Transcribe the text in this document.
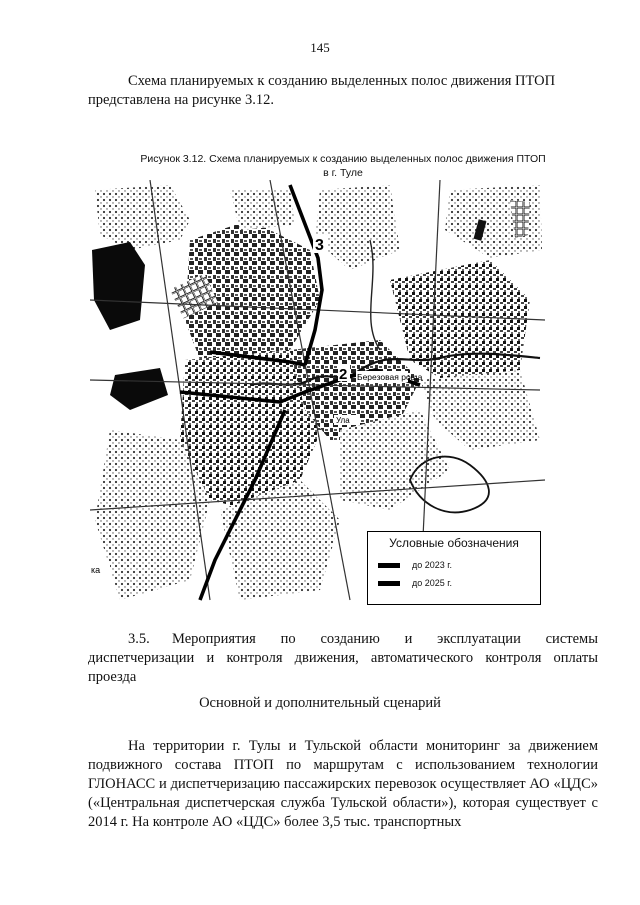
145

Схема планируемых к созданию выделенных полос движения ПТОП представлена на рисунке 3.12.

Рисунок 3.12. Схема планируемых к созданию выделенных полос движения ПТОП
в г. Туле
3
2 Березовая роща
Ула
ка
Условные обозначения
до 2023 г.
до 2025 г.
3.5. Мероприятия по созданию и эксплуатации системы
диспетчеризации и контроля движения, автоматического контроля оплаты
проезда
Основной и дополнительный сценарий

На территории г. Тулы и Тульской области мониторинг за движением подвижного состава ПТОП по маршрутам с использованием технологии ГЛОНАСС и диспетчеризацию пассажирских перевозок осуществляет АО «ЦДС» («Центральная диспетчерская служба Тульской области»), которая существует с 2014 г. На контроле АО «ЦДС» более 3,5 тыс. транспортных
